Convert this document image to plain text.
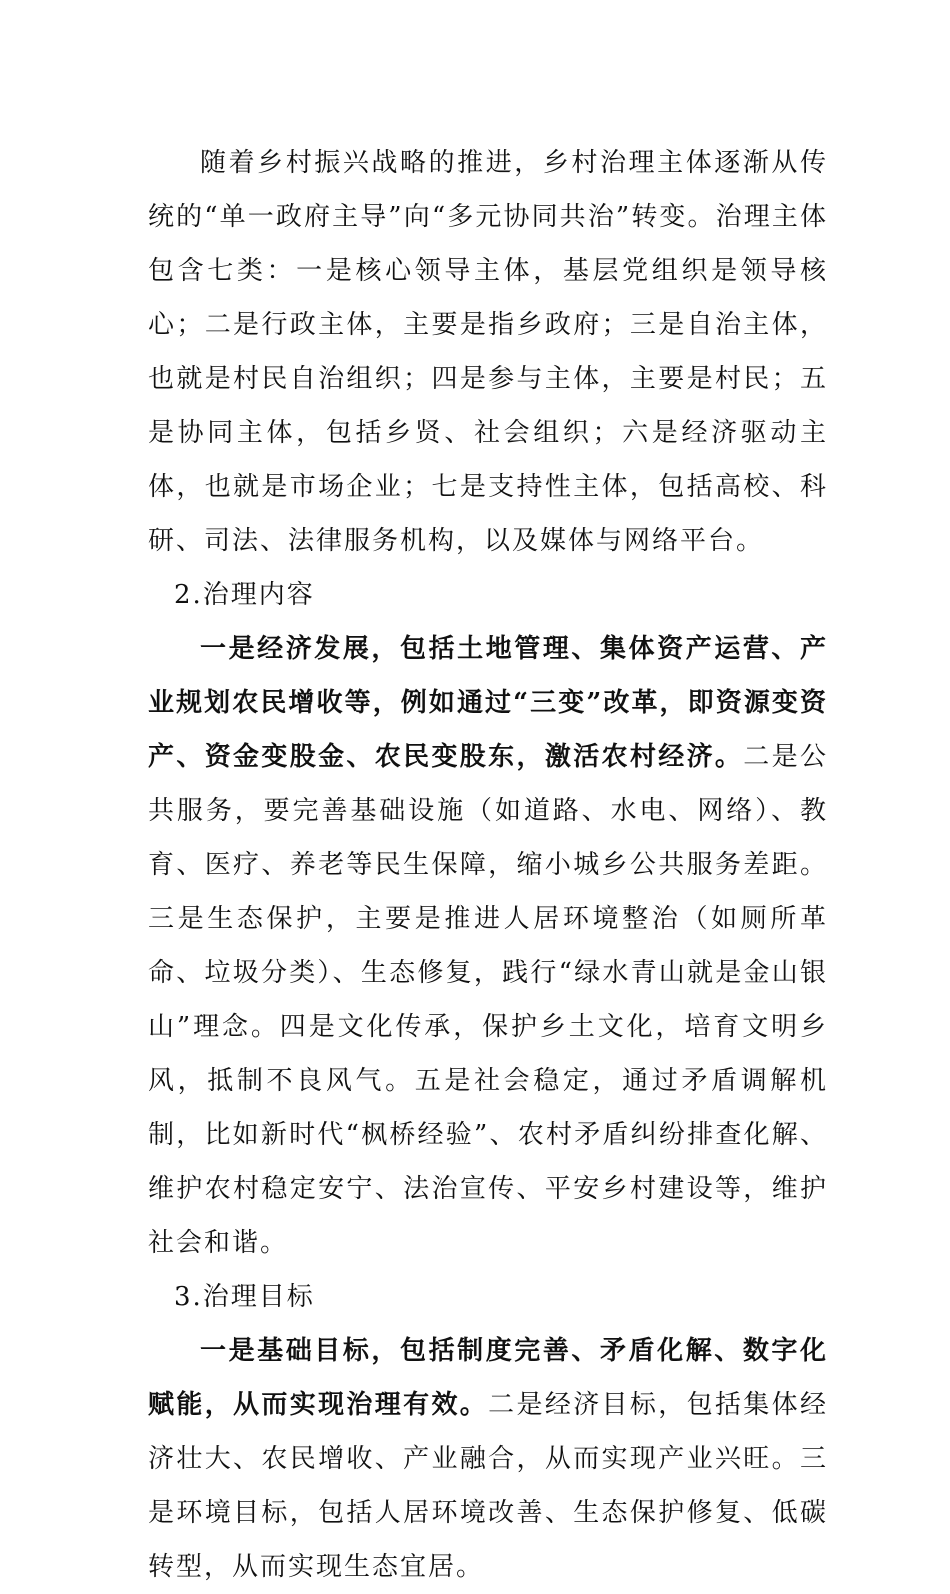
随着乡村振兴战略的推进，乡村治理主体逐渐从传统的“单一政府主导”向“多元协同共治”转变。治理主体包含七类：一是核心领导主体，基层党组织是领导核心；二是行政主体，主要是指乡政府；三是自治主体，也就是村民自治组织；四是参与主体，主要是村民；五是协同主体，包括乡贤、社会组织；六是经济驱动主体，也就是市场企业；七是支持性主体，包括高校、科研、司法、法律服务机构，以及媒体与网络平台。

2.治理内容

一是经济发展，包括土地管理、集体资产运营、产业规划农民增收等，例如通过“三变”改革，即资源变资产、资金变股金、农民变股东，激活农村经济。二是公共服务，要完善基础设施（如道路、水电、网络）、教育、医疗、养老等民生保障，缩小城乡公共服务差距。三是生态保护，主要是推进人居环境整治（如厕所革命、垃圾分类）、生态修复，践行“绿水青山就是金山银山”理念。四是文化传承，保护乡土文化，培育文明乡风，抵制不良风气。五是社会稳定，通过矛盾调解机制，比如新时代“枫桥经验”、农村矛盾纠纷排查化解、维护农村稳定安宁、法治宣传、平安乡村建设等，维护社会和谐。

3.治理目标

一是基础目标，包括制度完善、矛盾化解、数字化赋能，从而实现治理有效。二是经济目标，包括集体经济壮大、农民增收、产业融合，从而实现产业兴旺。三是环境目标，包括人居环境改善、生态保护修复、低碳转型，从而实现生态宜居。
